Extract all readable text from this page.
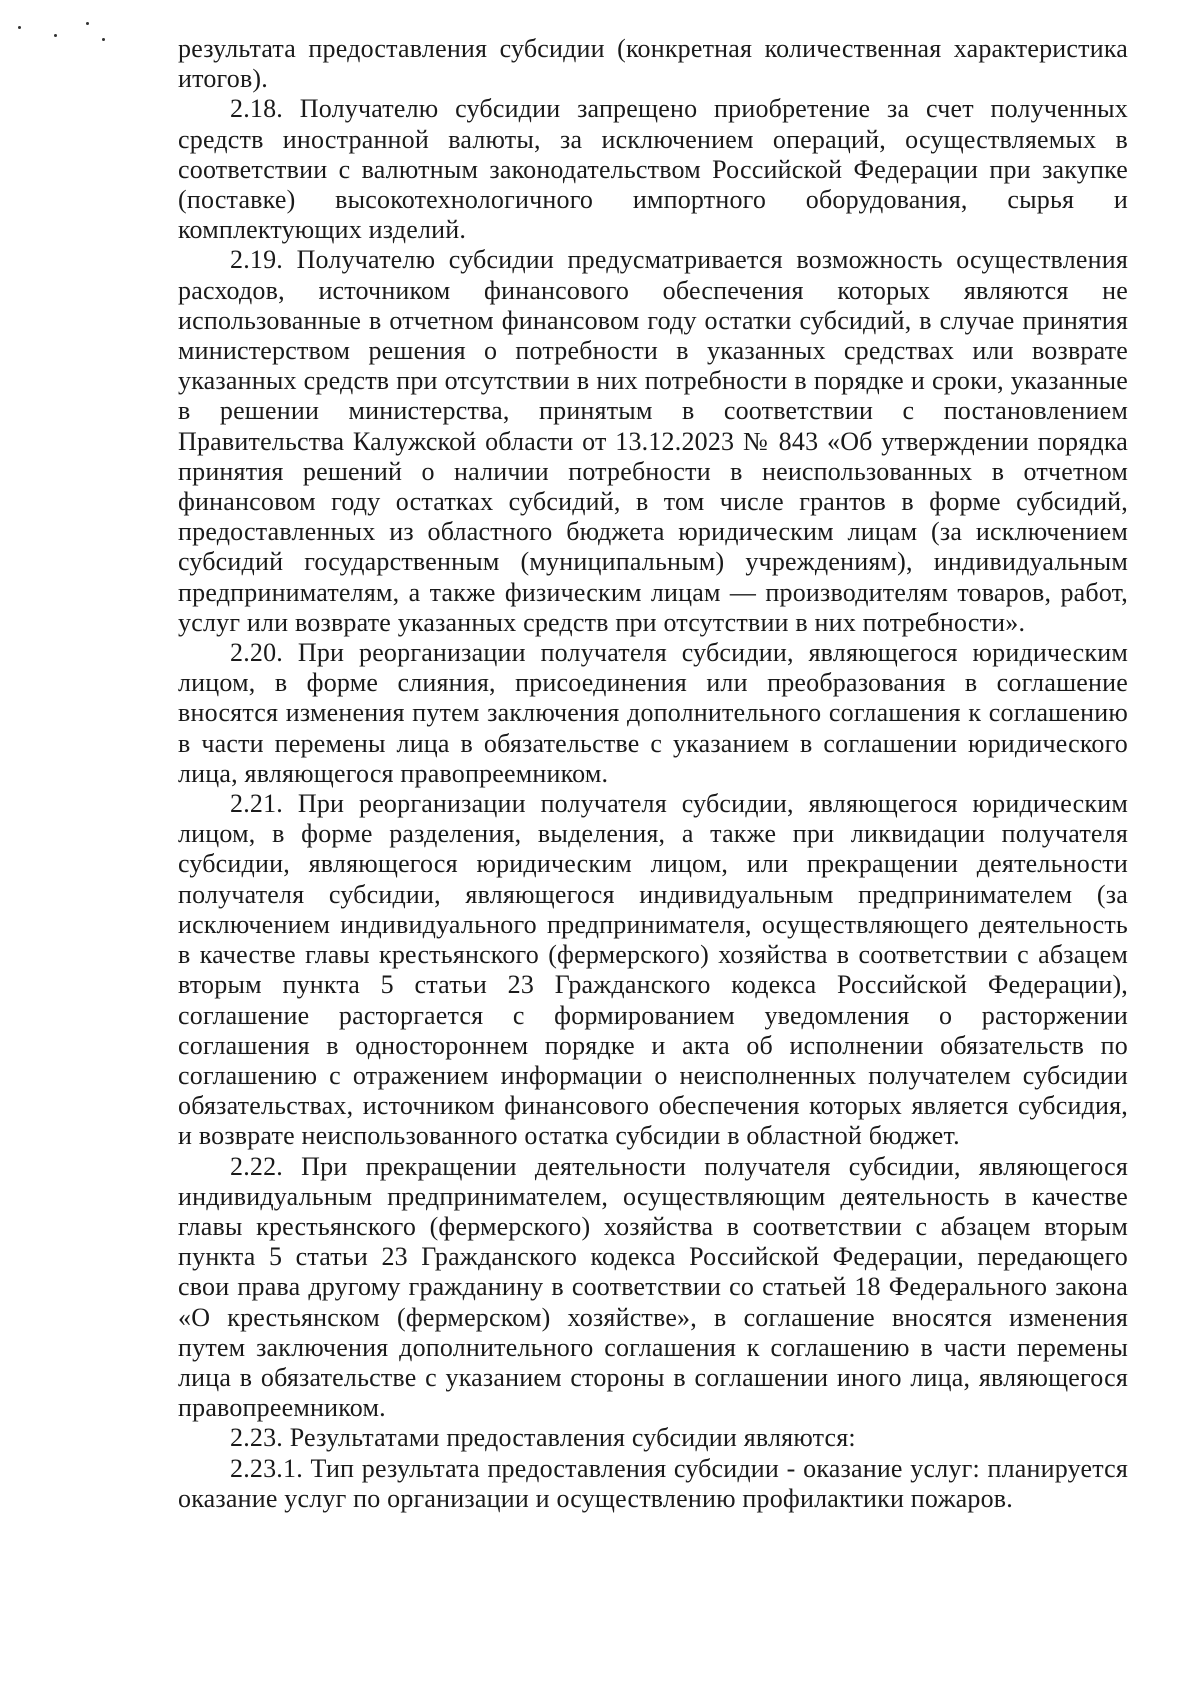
результата предоставления субсидии (конкретная количественная характеристика итогов).

2.18. Получателю субсидии запрещено приобретение за счет полученных средств иностранной валюты, за исключением операций, осуществляемых в соответствии с валютным законодательством Российской Федерации при закупке (поставке) высокотехнологичного импортного оборудования, сырья и комплектующих изделий.

2.19. Получателю субсидии предусматривается возможность осуществления расходов, источником финансового обеспечения которых являются не использованные в отчетном финансовом году остатки субсидий, в случае принятия министерством решения о потребности в указанных средствах или возврате указанных средств при отсутствии в них потребности в порядке и сроки, указанные в решении министерства, принятым в соответствии с постановлением Правительства Калужской области от 13.12.2023 № 843 «Об утверждении порядка принятия решений о наличии потребности в неиспользованных в отчетном финансовом году остатках субсидий, в том числе грантов в форме субсидий, предоставленных из областного бюджета юридическим лицам (за исключением субсидий государственным (муниципальным) учреждениям), индивидуальным предпринимателям, а также физическим лицам — производителям товаров, работ, услуг или возврате указанных средств при отсутствии в них потребности».

2.20. При реорганизации получателя субсидии, являющегося юридическим лицом, в форме слияния, присоединения или преобразования в соглашение вносятся изменения путем заключения дополнительного соглашения к соглашению в части перемены лица в обязательстве с указанием в соглашении юридического лица, являющегося правопреемником.

2.21. При реорганизации получателя субсидии, являющегося юридическим лицом, в форме разделения, выделения, а также при ликвидации получателя субсидии, являющегося юридическим лицом, или прекращении деятельности получателя субсидии, являющегося индивидуальным предпринимателем (за исключением индивидуального предпринимателя, осуществляющего деятельность в качестве главы крестьянского (фермерского) хозяйства в соответствии с абзацем вторым пункта 5 статьи 23 Гражданского кодекса Российской Федерации), соглашение расторгается с формированием уведомления о расторжении соглашения в одностороннем порядке и акта об исполнении обязательств по соглашению с отражением информации о неисполненных получателем субсидии обязательствах, источником финансового обеспечения которых является субсидия, и возврате неиспользованного остатка субсидии в областной бюджет.

2.22. При прекращении деятельности получателя субсидии, являющегося индивидуальным предпринимателем, осуществляющим деятельность в качестве главы крестьянского (фермерского) хозяйства в соответствии с абзацем вторым пункта 5 статьи 23 Гражданского кодекса Российской Федерации, передающего свои права другому гражданину в соответствии со статьей 18 Федерального закона «О крестьянском (фермерском) хозяйстве», в соглашение вносятся изменения путем заключения дополнительного соглашения к соглашению в части перемены лица в обязательстве с указанием стороны в соглашении иного лица, являющегося правопреемником.

2.23. Результатами предоставления субсидии являются:

2.23.1. Тип результата предоставления субсидии - оказание услуг: планируется оказание услуг по организации и осуществлению профилактики пожаров.
